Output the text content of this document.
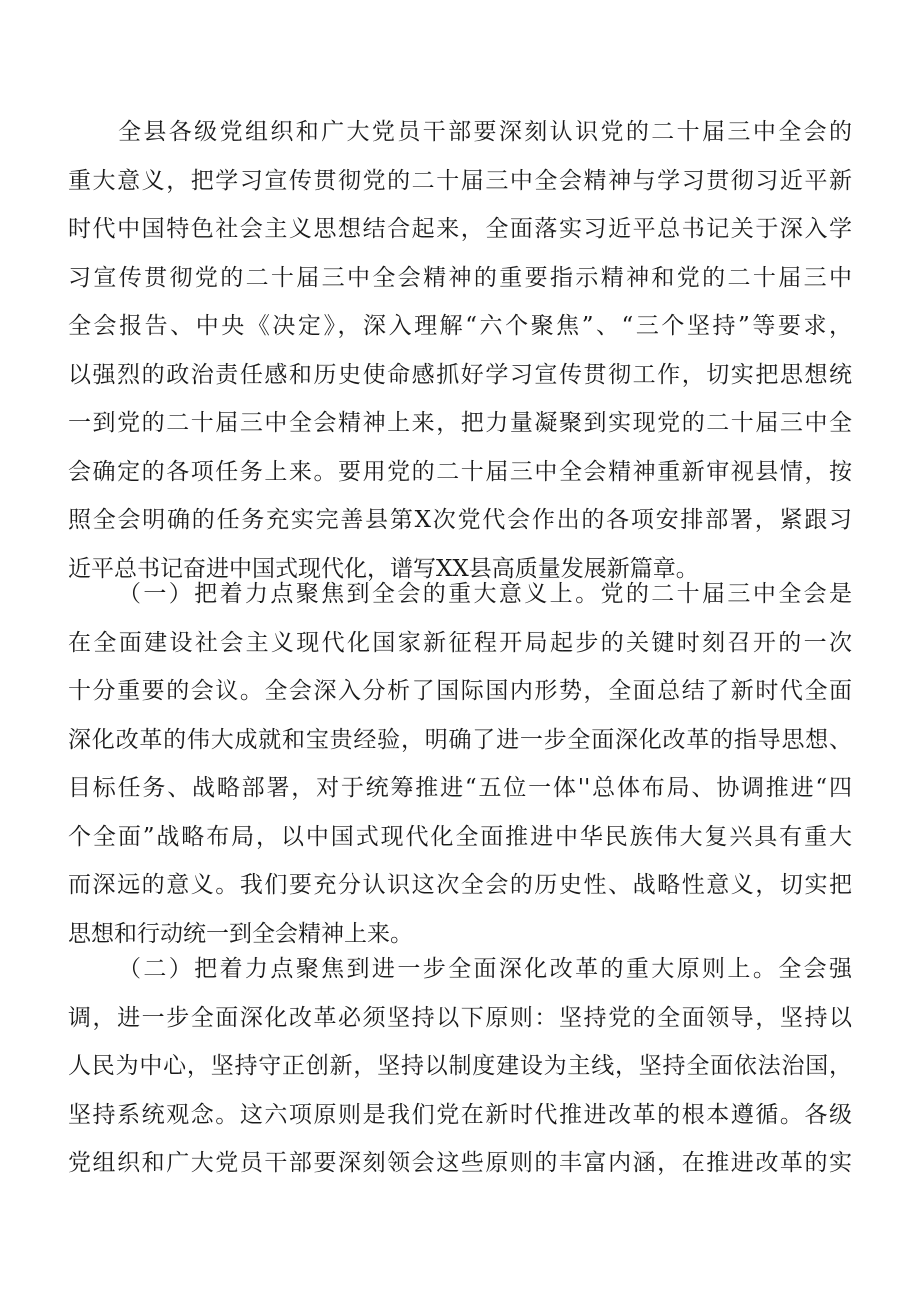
全县各级党组织和广大党员干部要深刻认识党的二十届三中全会的
重大意义，把学习宣传贯彻党的二十届三中全会精神与学习贯彻习近平新
时代中国特色社会主义思想结合起来，全面落实习近平总书记关于深入学
习宣传贯彻党的二十届三中全会精神的重要指示精神和党的二十届三中
全会报告、中央《决定》，深入理解“六个聚焦”、“三个坚持”等要求，
以强烈的政治责任感和历史使命感抓好学习宣传贯彻工作，切实把思想统
一到党的二十届三中全会精神上来，把力量凝聚到实现党的二十届三中全
会确定的各项任务上来。要用党的二十届三中全会精神重新审视县情，按
照全会明确的任务充实完善县第X次党代会作出的各项安排部署，紧跟习
近平总书记奋进中国式现代化，谱写XX县高质量发展新篇章。
（一）把着力点聚焦到全会的重大意义上。党的二十届三中全会是
在全面建设社会主义现代化国家新征程开局起步的关键时刻召开的一次
十分重要的会议。全会深入分析了国际国内形势，全面总结了新时代全面
深化改革的伟大成就和宝贵经验，明确了进一步全面深化改革的指导思想、
目标任务、战略部署，对于统筹推进“五位一体''总体布局、协调推进“四
个全面”战略布局，以中国式现代化全面推进中华民族伟大复兴具有重大
而深远的意义。我们要充分认识这次全会的历史性、战略性意义，切实把
思想和行动统一到全会精神上来。
（二）把着力点聚焦到进一步全面深化改革的重大原则上。全会强
调，进一步全面深化改革必须坚持以下原则：坚持党的全面领导，坚持以
人民为中心，坚持守正创新，坚持以制度建设为主线，坚持全面依法治国，
坚持系统观念。这六项原则是我们党在新时代推进改革的根本遵循。各级
党组织和广大党员干部要深刻领会这些原则的丰富内涵，在推进改革的实
